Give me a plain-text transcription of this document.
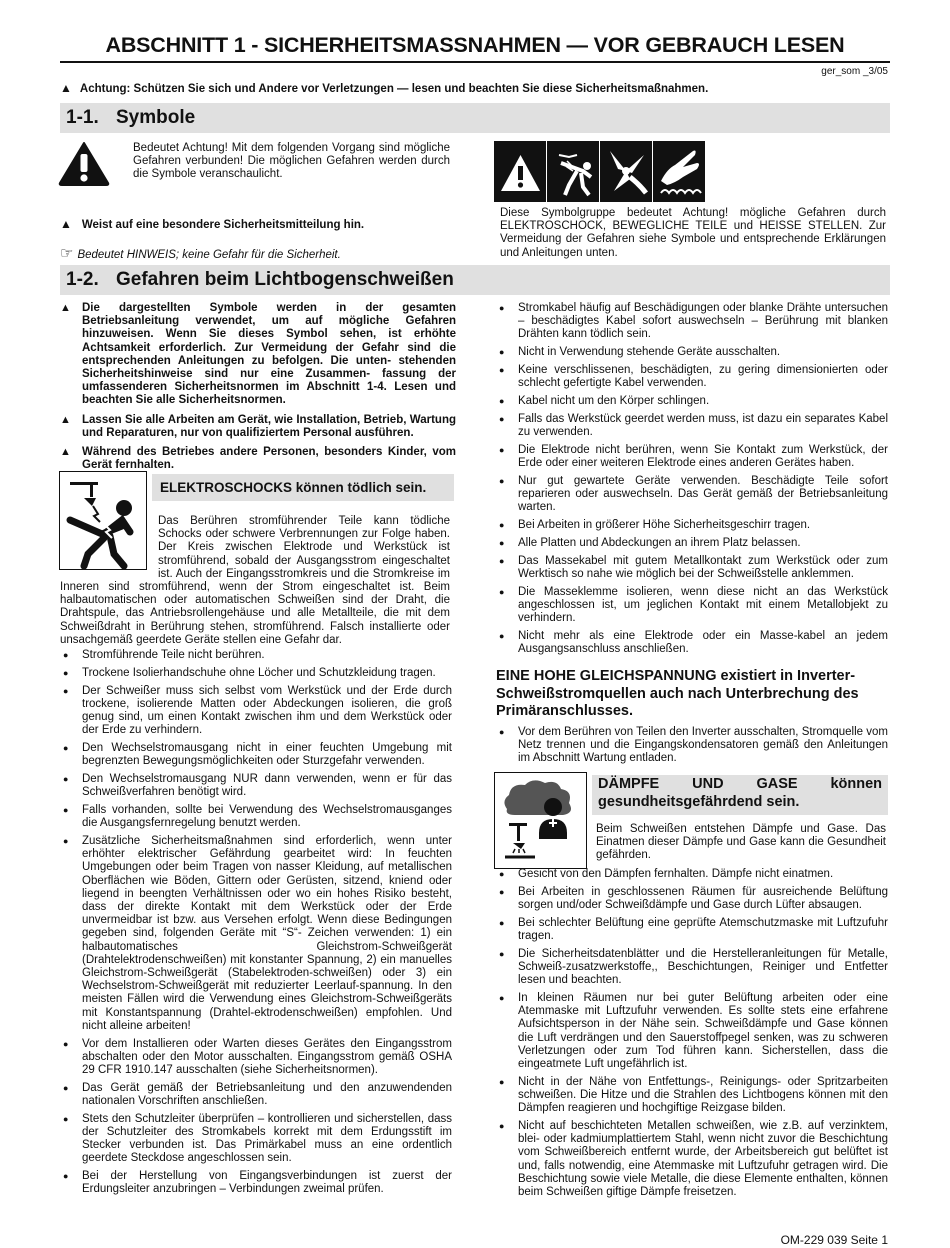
ABSCHNITT 1 - SICHERHEITSMASSNAHMEN — VOR GEBRAUCH LESEN
ger_som _3/05
▲ Achtung: Schützen Sie sich und Andere vor Verletzungen — lesen und beachten Sie diese Sicherheitsmaßnahmen.
1-1. Symbole
Bedeutet Achtung! Mit dem folgenden Vorgang sind mögliche Gefahren verbunden! Die möglichen Gefahren werden durch die Symbole veranschaulicht.
▲ Weist auf eine besondere Sicherheitsmitteilung hin.
☞ Bedeutet HINWEIS; keine Gefahr für die Sicherheit.
Diese Symbolgruppe bedeutet Achtung! mögliche Gefahren durch ELEKTROSCHOCK, BEWEGLICHE TEILE und HEISSE STELLEN. Zur Vermeidung der Gefahren siehe Symbole und entsprechende Erklärungen und Anleitungen unten.
1-2. Gefahren beim Lichtbogenschweißen
▲ Die dargestellten Symbole werden in der gesamten Betriebsanleitung verwendet, um auf mögliche Gefahren hinzuweisen. Wenn Sie dieses Symbol sehen, ist erhöhte Achtsamkeit erforderlich. Zur Vermeidung der Gefahr sind die entsprechenden Anleitungen zu befolgen. Die unten- stehenden Sicherheitshinweise sind nur eine Zusammen- fassung der umfassenderen Sicherheitsnormen im Abschnitt 1-4. Lesen und beachten Sie alle Sicherheitsnormen.
▲ Lassen Sie alle Arbeiten am Gerät, wie Installation, Betrieb, Wartung und Reparaturen, nur von qualifiziertem Personal ausführen.
▲ Während des Betriebes andere Personen, besonders Kinder, vom Gerät fernhalten.
ELEKTROSCHOCKS können tödlich sein.
Das Berühren stromführender Teile kann tödliche Schocks oder schwere Verbrennungen zur Folge haben. Der Kreis zwischen Elektrode und Werkstück ist stromführend, sobald der Ausgangsstrom eingeschaltet ist. Auch der Eingangsstromkreis und die Stromkreise im Inneren sind stromführend, wenn der Strom eingeschaltet ist. Beim halbautomatischen oder automatischen Schweißen sind der Draht, die Drahtspule, das Antriebsrollengehäuse und alle Metallteile, die mit dem Schweißdraht in Berührung stehen, stromführend. Falsch installierte oder unsachgemäß geerdete Geräte stellen eine Gefahr dar.
● Stromführende Teile nicht berühren.
● Trockene Isolierhandschuhe ohne Löcher und Schutzkleidung tragen.
● Der Schweißer muss sich selbst vom Werkstück und der Erde durch trockene, isolierende Matten oder Abdeckungen isolieren, die groß genug sind, um einen Kontakt zwischen ihm und dem Werkstück oder der Erde zu verhindern.
● Den Wechselstromausgang nicht in einer feuchten Umgebung mit begrenzten Bewegungsmöglichkeiten oder Sturzgefahr verwenden.
● Den Wechselstromausgang NUR dann verwenden, wenn er für das Schweißverfahren benötigt wird.
● Falls vorhanden, sollte bei Verwendung des Wechselstromausganges die Ausgangsfernregelung benutzt werden.
● Zusätzliche Sicherheitsmaßnahmen sind erforderlich, wenn unter erhöhter elektrischer Gefährdung gearbeitet wird: In feuchten Umgebungen oder beim Tragen von nasser Kleidung, auf metallischen Oberflächen wie Böden, Gittern oder Gerüsten, sitzend, kniend oder liegend in beengten Verhältnissen oder wo ein hohes Risiko besteht, dass der direkte Kontakt mit dem Werkstück oder der Erde unvermeidbar ist bzw. aus Versehen erfolgt. Wenn diese Bedingungen gegeben sind, folgenden Geräte mit “S“- Zeichen verwenden: 1) ein halbautomatisches Gleichstrom-Schweißgerät (Drahtelektrodenschweißen) mit konstanter Spannung, 2) ein manuelles Gleichstrom-Schweißgerät (Stabelektroden-schweißen) oder 3) ein Wechselstrom-Schweißgerät mit reduzierter Leerlauf-spannung. In den meisten Fällen wird die Verwendung eines Gleichstrom-Schweißgeräts mit Konstantspannung (Drahtel-ektrodenschweißen) empfohlen. Und nicht alleine arbeiten!
● Vor dem Installieren oder Warten dieses Gerätes den Eingangsstrom abschalten oder den Motor ausschalten. Eingangsstrom gemäß OSHA 29 CFR 1910.147 ausschalten (siehe Sicherheitsnormen).
● Das Gerät gemäß der Betriebsanleitung und den anzuwendenden nationalen Vorschriften anschließen.
● Stets den Schutzleiter überprüfen – kontrollieren und sicherstellen, dass der Schutzleiter des Stromkabels korrekt mit dem Erdungsstift im Stecker verbunden ist. Das Primärkabel muss an eine ordentlich geerdete Steckdose angeschlossen sein.
● Bei der Herstellung von Eingangsverbindungen ist zuerst der Erdungsleiter anzubringen – Verbindungen zweimal prüfen.
● Stromkabel häufig auf Beschädigungen oder blanke Drähte untersuchen – beschädigtes Kabel sofort auswechseln – Berührung mit blanken Drähten kann tödlich sein.
● Nicht in Verwendung stehende Geräte ausschalten.
● Keine verschlissenen, beschädigten, zu gering dimensionierten oder schlecht gefertigte Kabel verwenden.
● Kabel nicht um den Körper schlingen.
● Falls das Werkstück geerdet werden muss, ist dazu ein separates Kabel zu verwenden.
● Die Elektrode nicht berühren, wenn Sie Kontakt zum Werkstück, der Erde oder einer weiteren Elektrode eines anderen Gerätes haben.
● Nur gut gewartete Geräte verwenden. Beschädigte Teile sofort reparieren oder auswechseln. Das Gerät gemäß der Betriebsanleitung warten.
● Bei Arbeiten in größerer Höhe Sicherheitsgeschirr tragen.
● Alle Platten und Abdeckungen an ihrem Platz belassen.
● Das Massekabel mit gutem Metallkontakt zum Werkstück oder zum Werktisch so nahe wie möglich bei der Schweißstelle anklemmen.
● Die Masseklemme isolieren, wenn diese nicht an das Werkstück angeschlossen ist, um jeglichen Kontakt mit einem Metallobjekt zu verhindern.
● Nicht mehr als eine Elektrode oder ein Masse-kabel an jedem Ausgangsanschluss anschließen.
EINE HOHE GLEICHSPANNUNG existiert in Inverter-Schweißstromquellen auch nach Unterbrechung des Primäranschlusses.
● Vor dem Berühren von Teilen den Inverter ausschalten, Stromquelle vom Netz trennen und die Eingangskondensatoren gemäß den Anleitungen im Abschnitt Wartung entladen.
DÄMPFE UND GASE können gesundheitsgefährdend sein.
Beim Schweißen entstehen Dämpfe und Gase. Das Einatmen dieser Dämpfe und Gase kann die Gesundheit gefährden.
● Gesicht von den Dämpfen fernhalten. Dämpfe nicht einatmen.
● Bei Arbeiten in geschlossenen Räumen für ausreichende Belüftung sorgen und/oder Schweißdämpfe und Gase durch Lüfter absaugen.
● Bei schlechter Belüftung eine geprüfte Atemschutzmaske mit Luftzufuhr tragen.
● Die Sicherheitsdatenblätter und die Herstelleranleitungen für Metalle, Schweiß-zusatzwerkstoffe,, Beschichtungen, Reiniger und Entfetter lesen und beachten.
● In kleinen Räumen nur bei guter Belüftung arbeiten oder eine Atemmaske mit Luftzufuhr verwenden. Es sollte stets eine erfahrene Aufsichtsperson in der Nähe sein. Schweißdämpfe und Gase können die Luft verdrängen und den Sauerstoffpegel senken, was zu schweren Verletzungen oder zum Tod führen kann. Sicherstellen, dass die eingeatmete Luft ungefährlich ist.
● Nicht in der Nähe von Entfettungs-, Reinigungs- oder Spritzarbeiten schweißen. Die Hitze und die Strahlen des Lichtbogens können mit den Dämpfen reagieren und hochgiftige Reizgase bilden.
● Nicht auf beschichteten Metallen schweißen, wie z.B. auf verzinktem, blei- oder kadmiumplattiertem Stahl, wenn nicht zuvor die Beschichtung vom Schweißbereich entfernt wurde, der Arbeitsbereich gut belüftet ist und, falls notwendig, eine Atemmaske mit Luftzufuhr getragen wird. Die Beschichtung sowie viele Metalle, die diese Elemente enthalten, können beim Schweißen giftige Dämpfe freisetzen.
OM-229 039 Seite 1
